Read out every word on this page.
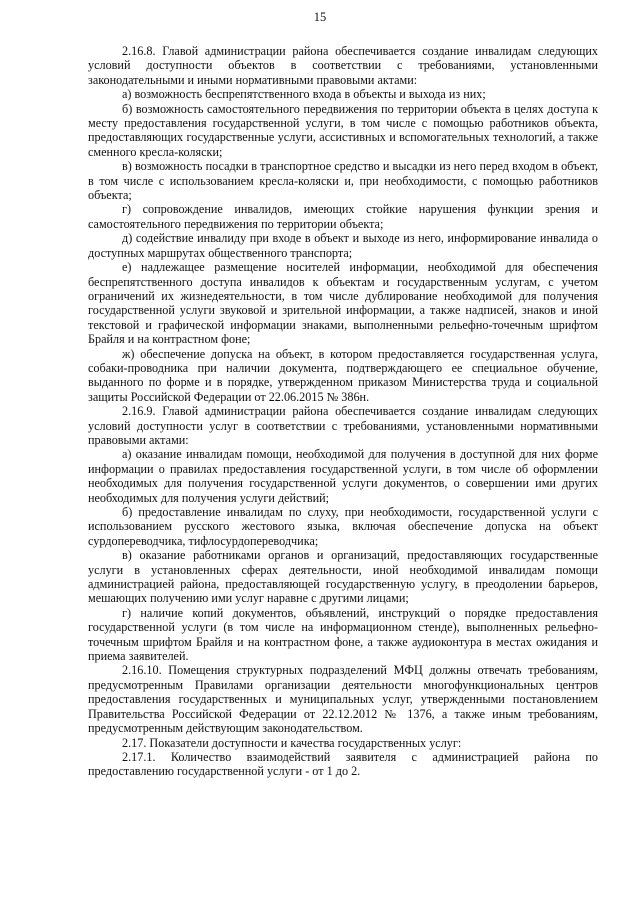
15

2.16.8. Главой администрации района обеспечивается создание инвалидам следующих условий доступности объектов в соответствии с требованиями, установленными законодательными и иными нормативными правовыми актами:

а) возможность беспрепятственного входа в объекты и выхода из них;

б) возможность самостоятельного передвижения по территории объекта в целях доступа к месту предоставления государственной услуги, в том числе с помощью работников объекта, предоставляющих государственные услуги, ассистивных и вспомогательных технологий, а также сменного кресла-коляски;

в) возможность посадки в транспортное средство и высадки из него перед входом в объект, в том числе с использованием кресла-коляски и, при необходимости, с помощью работников объекта;

г) сопровождение инвалидов, имеющих стойкие нарушения функции зрения и самостоятельного передвижения по территории объекта;

д) содействие инвалиду при входе в объект и выходе из него, информирование инвалида о доступных маршрутах общественного транспорта;

е) надлежащее размещение носителей информации, необходимой для обеспечения беспрепятственного доступа инвалидов к объектам и государственным услугам, с учетом ограничений их жизнедеятельности, в том числе дублирование необходимой для получения государственной услуги звуковой и зрительной информации, а также надписей, знаков и иной текстовой и графической информации знаками, выполненными рельефно-точечным шрифтом Брайля и на контрастном фоне;

ж) обеспечение допуска на объект, в котором предоставляется государственная услуга, собаки-проводника при наличии документа, подтверждающего ее специальное обучение, выданного по форме и в порядке, утвержденном приказом Министерства труда и социальной защиты Российской Федерации от 22.06.2015 № 386н.

2.16.9. Главой администрации района обеспечивается создание инвалидам следующих условий доступности услуг в соответствии с требованиями, установленными нормативными правовыми актами:

а) оказание инвалидам помощи, необходимой для получения в доступной для них форме информации о правилах предоставления государственной услуги, в том числе об оформлении необходимых для получения государственной услуги документов, о совершении ими других необходимых для получения услуги действий;

б) предоставление инвалидам по слуху, при необходимости, государственной услуги с использованием русского жестового языка, включая обеспечение допуска на объект сурдопереводчика, тифлосурдопереводчика;

в) оказание работниками органов и организаций, предоставляющих государственные услуги в установленных сферах деятельности, иной необходимой инвалидам помощи администрацией района, предоставляющей государственную услугу, в преодолении барьеров, мешающих получению ими услуг наравне с другими лицами;

г) наличие копий документов, объявлений, инструкций о порядке предоставления государственной услуги (в том числе на информационном стенде), выполненных рельефно-точечным шрифтом Брайля и на контрастном фоне, а также аудиоконтура в местах ожидания и приема заявителей.

2.16.10. Помещения структурных подразделений МФЦ должны отвечать требованиям, предусмотренным Правилами организации деятельности многофункциональных центров предоставления государственных и муниципальных услуг, утвержденными постановлением Правительства Российской Федерации от 22.12.2012 № 1376, а также иным требованиям, предусмотренным действующим законодательством.

2.17. Показатели доступности и качества государственных услуг:

2.17.1. Количество взаимодействий заявителя с администрацией района по предоставлению государственной услуги - от 1 до 2.
